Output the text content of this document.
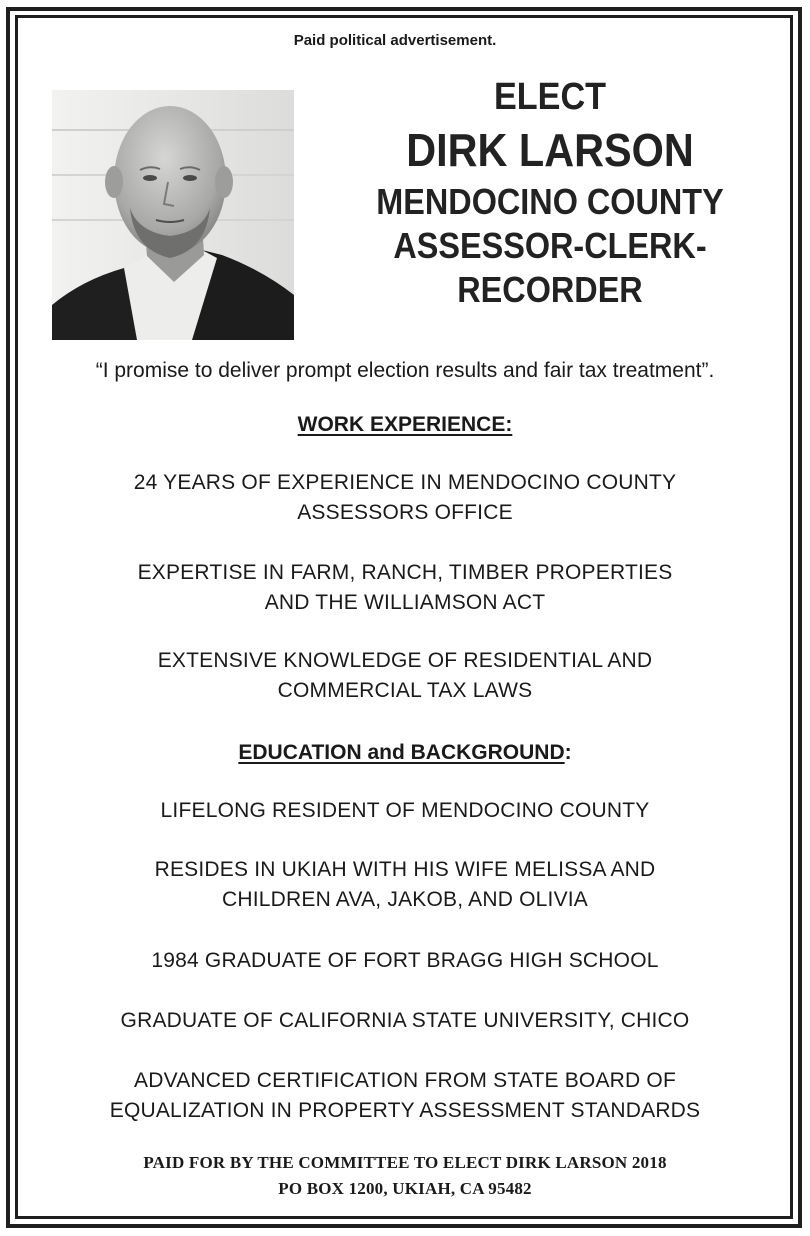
Paid political advertisement.
ELECT
DIRK LARSON
MENDOCINO COUNTY
ASSESSOR-CLERK-
RECORDER
“I promise to deliver prompt election results and fair tax treatment”.
WORK EXPERIENCE:
24 YEARS OF EXPERIENCE IN MENDOCINO COUNTY
ASSESSORS OFFICE
EXPERTISE IN FARM, RANCH, TIMBER PROPERTIES
AND THE WILLIAMSON ACT
EXTENSIVE KNOWLEDGE OF RESIDENTIAL AND
COMMERCIAL TAX LAWS
EDUCATION and BACKGROUND:
LIFELONG RESIDENT OF MENDOCINO COUNTY
RESIDES IN UKIAH WITH HIS WIFE MELISSA AND
CHILDREN AVA, JAKOB, AND OLIVIA
1984 GRADUATE OF FORT BRAGG HIGH SCHOOL
GRADUATE OF CALIFORNIA STATE UNIVERSITY, CHICO
ADVANCED CERTIFICATION FROM STATE BOARD OF
EQUALIZATION IN PROPERTY ASSESSMENT STANDARDS
PAID FOR BY THE COMMITTEE TO ELECT DIRK LARSON 2018
PO BOX 1200, UKIAH, CA 95482
